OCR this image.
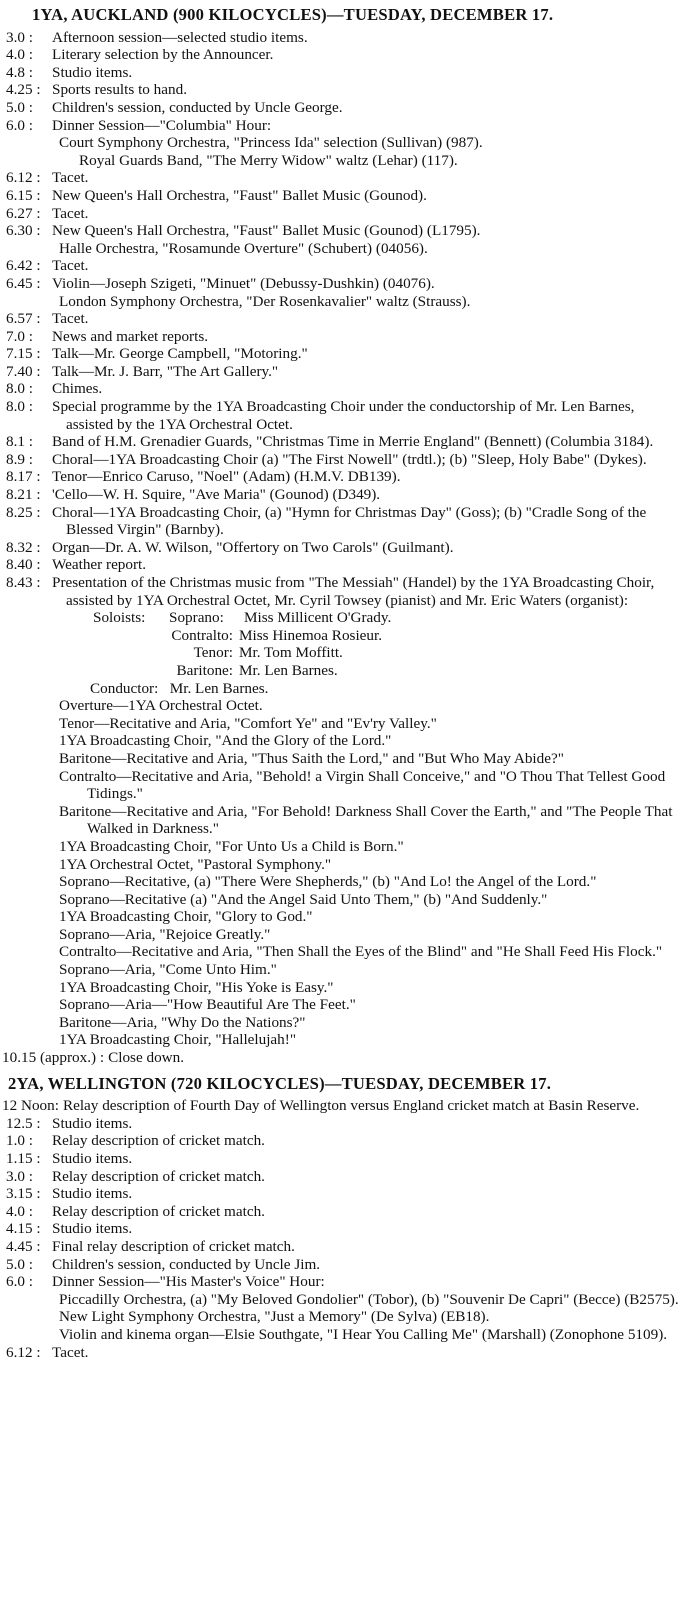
1YA, AUCKLAND (900 KILOCYCLES)—TUESDAY, DECEMBER 17.
3.0 :	Afternoon session—selected studio items.
4.0 :	Literary selection by the Announcer.
4.8 :	Studio items.
4.25 : Sports results to hand.
5.0 :	Children's session, conducted by Uncle George.
6.0 :	Dinner Session—"Columbia" Hour:
Court Symphony Orchestra, "Princess Ida" selection (Sullivan) (987).
Royal Guards Band, "The Merry Widow" waltz (Lehar) (117).
6.12 : Tacet.
6.15 : New Queen's Hall Orchestra, "Faust" Ballet Music (Gounod).
6.27 : Tacet.
6.30 : New Queen's Hall Orchestra, "Faust" Ballet Music (Gounod) (L1795).
Halle Orchestra, "Rosamunde Overture" (Schubert) (04056).
6.42 : Tacet.
6.45 : Violin—Joseph Szigeti, "Minuet" (Debussy-Dushkin) (04076).
London Symphony Orchestra, "Der Rosenkavalier" waltz (Strauss).
6.57 : Tacet.
7.0 :	News and market reports.
7.15 : Talk—Mr. George Campbell, "Motoring."
7.40 : Talk—Mr. J. Barr, "The Art Gallery."
8.0 :	Chimes.
8.0 :	Special programme by the 1YA Broadcasting Choir under the conductorship of Mr. Len Barnes, assisted by the 1YA Orchestral Octet.
8.1 :	Band of H.M. Grenadier Guards, "Christmas Time in Merrie England" (Bennett) (Columbia 3184).
8.9 :	Choral—1YA Broadcasting Choir (a) "The First Nowell" (trdtl.); (b) "Sleep, Holy Babe" (Dykes).
8.17 : Tenor—Enrico Caruso, "Noel" (Adam) (H.M.V. DB139).
8.21 : 'Cello—W. H. Squire, "Ave Maria" (Gounod) (D349).
8.25 : Choral—1YA Broadcasting Choir, (a) "Hymn for Christmas Day" (Goss); (b) "Cradle Song of the Blessed Virgin" (Barnby).
8.32 : Organ—Dr. A. W. Wilson, "Offertory on Two Carols" (Guilmant).
8.40 : Weather report.
8.43 : Presentation of the Christmas music from "The Messiah" (Handel) by the 1YA Broadcasting Choir, assisted by 1YA Orchestral Octet, Mr. Cyril Towsey (pianist) and Mr. Eric Waters (organist):
Soloists:	Soprano:	Miss Millicent O'Grady.
Contralto: Miss Hinemoa Rosieur.
Tenor: Mr. Tom Moffitt.
Baritone: Mr. Len Barnes.
Conductor:   Mr. Len Barnes.
Overture—1YA Orchestral Octet.
Tenor—Recitative and Aria, "Comfort Ye" and "Ev'ry Valley."
1YA Broadcasting Choir, "And the Glory of the Lord."
Baritone—Recitative and Aria, "Thus Saith the Lord," and "But Who May Abide?"
Contralto—Recitative and Aria, "Behold! a Virgin Shall Conceive," and "O Thou That Tellest Good Tidings."
Baritone—Recitative and Aria, "For Behold! Darkness Shall Cover the Earth," and "The People That Walked in Darkness."
1YA Broadcasting Choir, "For Unto Us a Child is Born."
1YA Orchestral Octet, "Pastoral Symphony."
Soprano—Recitative, (a) "There Were Shepherds," (b) "And Lo! the Angel of the Lord."
Soprano—Recitative (a) "And the Angel Said Unto Them," (b) "And Suddenly."
1YA Broadcasting Choir, "Glory to God."
Soprano—Aria, "Rejoice Greatly."
Contralto—Recitative and Aria, "Then Shall the Eyes of the Blind" and "He Shall Feed His Flock."
Soprano—Aria, "Come Unto Him."
1YA Broadcasting Choir, "His Yoke is Easy."
Soprano—Aria—"How Beautiful Are The Feet."
Baritone—Aria, "Why Do the Nations?"
1YA Broadcasting Choir, "Hallelujah!"
10.15 (approx.) : Close down.
2YA, WELLINGTON (720 KILOCYCLES)—TUESDAY, DECEMBER 17.
12 Noon: Relay description of Fourth Day of Wellington versus England cricket match at Basin Reserve.
12.5 : Studio items.
1.0 :	Relay description of cricket match.
1.15 : Studio items.
3.0 :	Relay description of cricket match.
3.15 : Studio items.
4.0 :	Relay description of cricket match.
4.15 : Studio items.
4.45 : Final relay description of cricket match.
5.0 :	Children's session, conducted by Uncle Jim.
6.0 :	Dinner Session—"His Master's Voice" Hour:
Piccadilly Orchestra, (a) "My Beloved Gondolier" (Tobor), (b) "Souvenir De Capri" (Becce) (B2575).
New Light Symphony Orchestra, "Just a Memory" (De Sylva) (EB18).
Violin and kinema organ—Elsie Southgate, "I Hear You Calling Me" (Marshall) (Zonophone 5109).
6.12 : Tacet.
